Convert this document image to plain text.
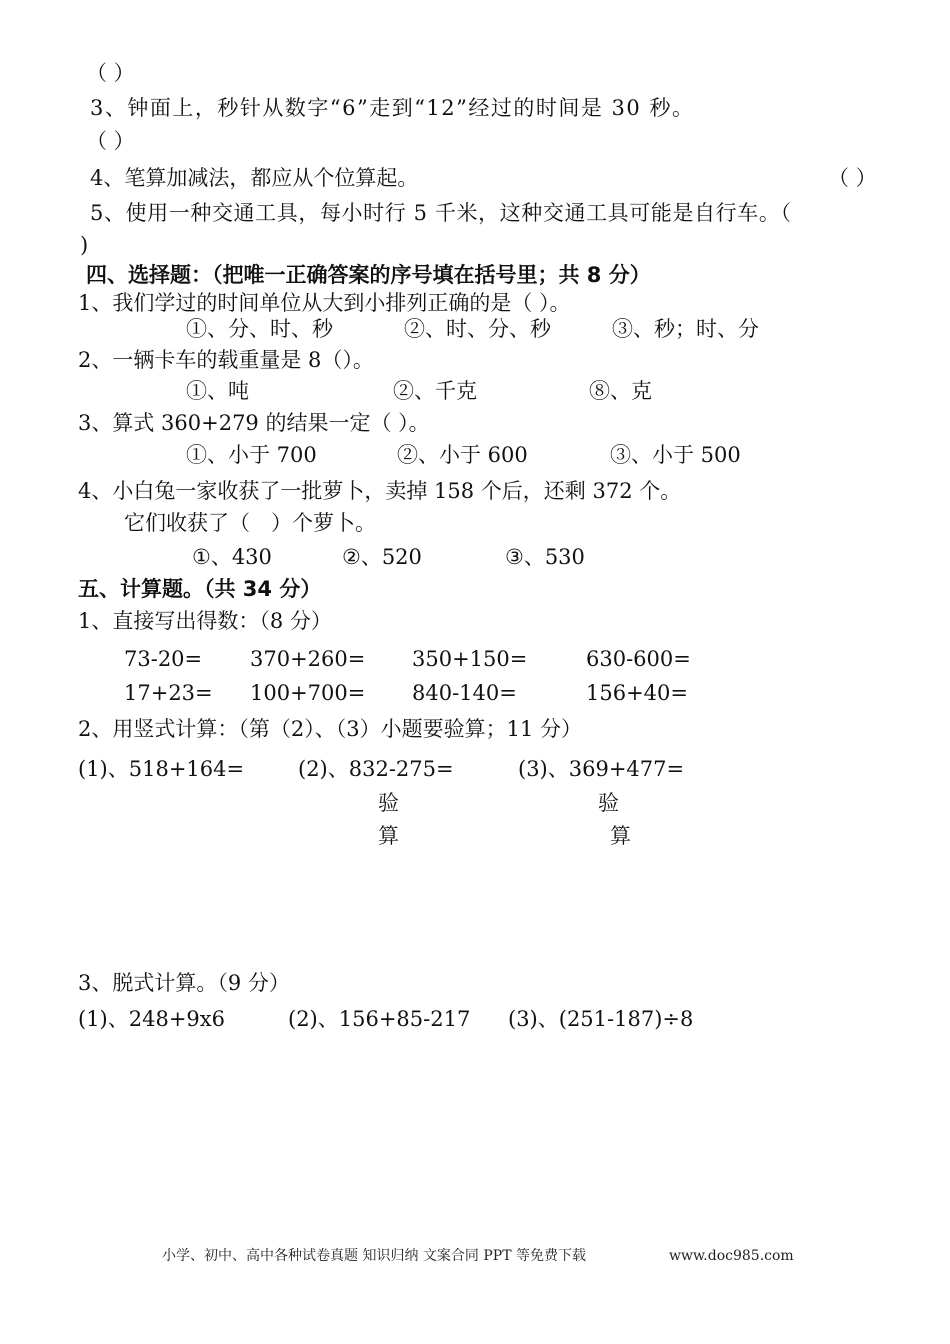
（ ）
3、钟面上，秒针从数字“6”走到“12”经过的时间是 30 秒。
（ ）
4、笔算加减法，都应从个位算起。	（ ）
5、使用一种交通工具，每小时行 5 千米，这种交通工具可能是自行车。（
)
四、选择题：（把唯一正确答案的序号填在括号里；共 8 分）
1、我们学过的时间单位从大到小排列正确的是（ ）。
①、分、时、秒	②、时、分、秒	③、秒；时、分
2、一辆卡车的载重量是 8（）。
①、吨	②、千克	⑧、克
3、算式 360+279 的结果一定（ ）。
①、小于 700	②、小于 600	③、小于 500
4、小白兔一家收获了一批萝卜，卖掉 158 个后，还剩 372 个。
它们收获了（　）个萝卜。
①、430	②、520	③、530
五、计算题。（共 34 分）
1、直接写出得数：（8 分）
73-20= 370+260= 350+150=	630-600=
17+23= 100+700= 840-140=	156+40=
2、用竖式计算：（第（2）、（3）小题要验算；11 分）
(1)、518+164=	(2)、832-275=	(3)、369+477=
验
算
验
算
3、脱式计算。（9 分）
(1)、248+9x6	(2)、156+85-217 (3)、(251-187)÷8
小学、初中、高中各种试卷真题 知识归纳 文案合同 PPT 等免费下载	www.doc985.com
